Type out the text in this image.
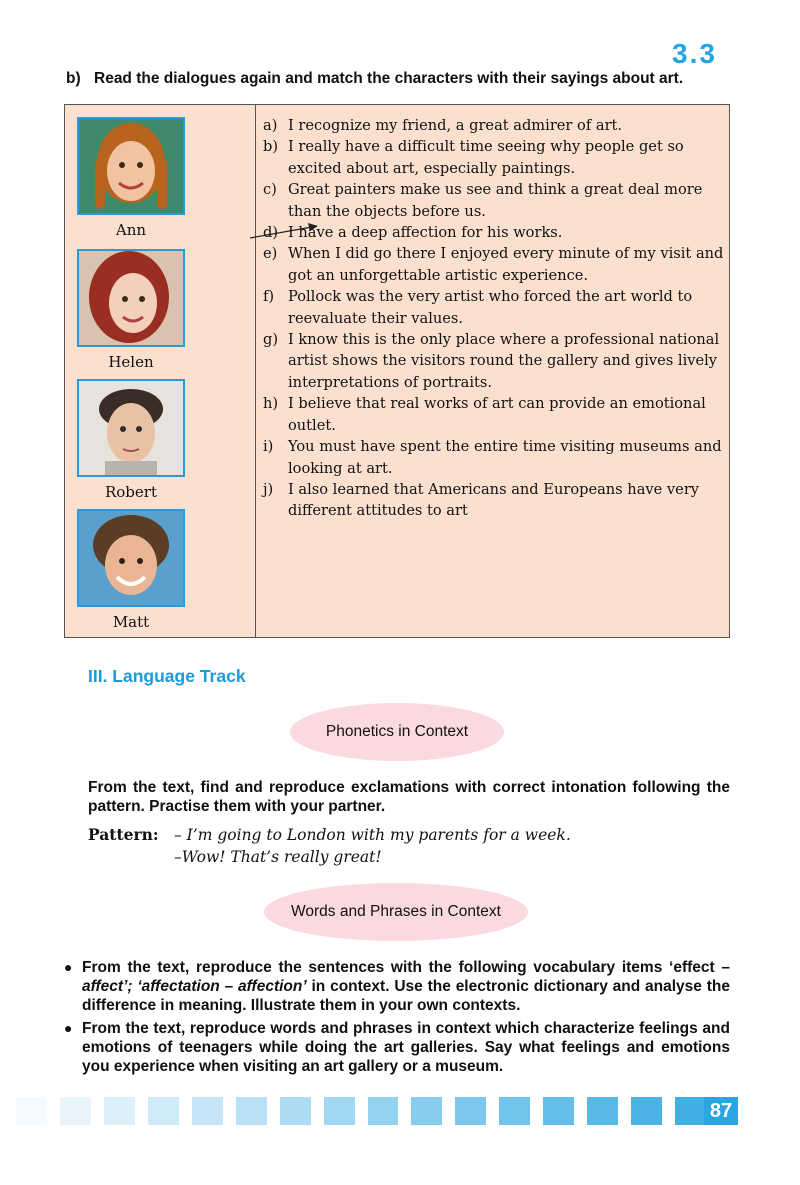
3.3
b) Read the dialogues again and match the characters with their sayings about art.
Ann
Helen
Robert
Matt
a) I recognize my friend, a great admirer of art.
b) I really have a difficult time seeing why people get so excited about art, especially paintings.
c) Great painters make us see and think a great deal more than the objects before us.
d) I have a deep affection for his works.
e) When I did go there I enjoyed every minute of my visit and got an unforgettable artistic experience.
f) Pollock was the very artist who forced the art world to reevaluate their values.
g) I know this is the only place where a professional national artist shows the visitors round the gallery and gives lively interpretations of portraits.
h) I believe that real works of art can provide an emotional outlet.
i)	You must have spent the entire time visiting museums and looking at art.
j)	I also learned that Americans and Europeans have very different attitudes to art
III. Language Track
Phonetics in Context
From the text, find and reproduce exclamations with correct intonation following the pattern. Practise them with your partner.
Pattern: – I’m going to London with my parents for a week.
–Wow! That’s really great!
Words and Phrases in Context
● From the text, reproduce the sentences with the following vocabulary items ‘effect – affect’; ‘affectation – affection’ in context. Use the electronic dictionary and analyse the difference in meaning. Illustrate them in your own contexts.
● From the text, reproduce words and phrases in context which characterize feelings and emotions of teenagers while doing the art galleries. Say what feelings and emotions you experience when visiting an art gallery or a museum.
87
